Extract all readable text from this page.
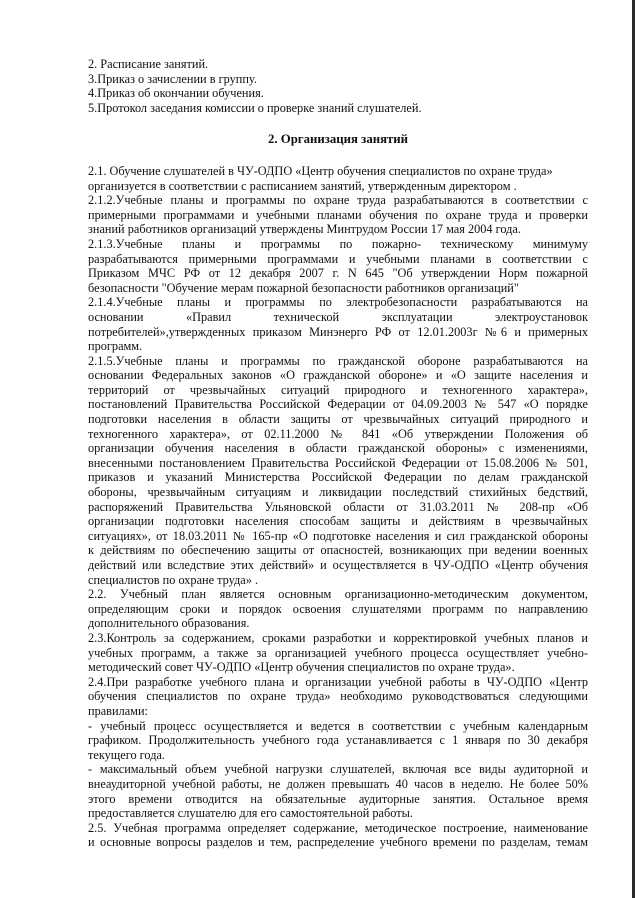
2. Расписание занятий.
3.Приказ о зачислении в группу.
4.Приказ об окончании обучения.
5.Протокол заседания комиссии о проверке знаний слушателей.
2. Организация занятий
2.1. Обучение слушателей в ЧУ-ОДПО «Центр обучения специалистов по охране труда»
организуется в соответствии с расписанием занятий, утвержденным директором .
2.1.2.Учебные планы и программы по охране труда разрабатываются в соответствии с
примерными программами и учебными планами обучения по охране труда и проверки
знаний работников организаций утверждены Минтрудом России 17 мая 2004 года.
2.1.3.Учебные планы и программы по пожарно- техническому минимуму
разрабатываются примерными программами и учебными планами в соответствии с
Приказом МЧС РФ от 12 декабря 2007 г. N 645 "Об утверждении Норм пожарной
безопасности "Обучение мерам пожарной безопасности работников организаций"
2.1.4.Учебные планы и программы по электробезопасности разрабатываются на
основании «Правил технической эксплуатации электроустановок
потребителей»,утвержденных приказом Минэнерго РФ от 12.01.2003г №6 и примерных
программ.
2.1.5.Учебные планы и программы по гражданской обороне разрабатываются на
основании Федеральных законов «О гражданской обороне» и «О защите населения и
территорий от чрезвычайных ситуаций природного и техногенного характера»,
постановлений Правительства Российской Федерации от 04.09.2003 № 547 «О порядке
подготовки населения в области защиты от чрезвычайных ситуаций природного и
техногенного характера», от 02.11.2000 № 841 «Об утверждении Положения об
организации обучения населения в области гражданской обороны» с изменениями,
внесенными постановлением Правительства Российской Федерации от 15.08.2006 № 501,
приказов и указаний Министерства Российской Федерации по делам гражданской
обороны, чрезвычайным ситуациям и ликвидации последствий стихийных бедствий,
распоряжений Правительства Ульяновской области от 31.03.2011 № 208-пр «Об
организации подготовки населения способам защиты и действиям в чрезвычайных
ситуациях», от 18.03.2011 № 165-пр «О подготовке населения и сил гражданской обороны
к действиям по обеспечению защиты от опасностей, возникающих при ведении военных
действий или вследствие этих действий» и осуществляется в ЧУ-ОДПО «Центр обучения
специалистов по охране труда» .
2.2. Учебный план является основным организационно-методическим документом,
определяющим сроки и порядок освоения слушателями программ по направлению
дополнительного образования.
2.3.Контроль за содержанием, сроками разработки и корректировкой учебных планов и
учебных программ, а также за организацией учебного процесса осуществляет учебно-
методический совет ЧУ-ОДПО «Центр обучения специалистов по охране труда».
2.4.При разработке учебного плана и организации учебной работы в ЧУ-ОДПО «Центр
обучения специалистов по охране труда» необходимо руководствоваться следующими
правилами:
- учебный процесс осуществляется и ведется в соответствии с учебным календарным
графиком. Продолжительность учебного года устанавливается с 1 января по 30 декабря
текущего года.
- максимальный объем учебной нагрузки слушателей, включая все виды аудиторной и
внеаудиторной учебной работы, не должен превышать 40 часов в неделю. Не более 50%
этого времени отводится на обязательные аудиторные занятия. Остальное время
предоставляется слушателю для его самостоятельной работы.
2.5. Учебная программа определяет содержание, методическое построение, наименование
и основные вопросы разделов и тем, распределение учебного времени по разделам, темам
